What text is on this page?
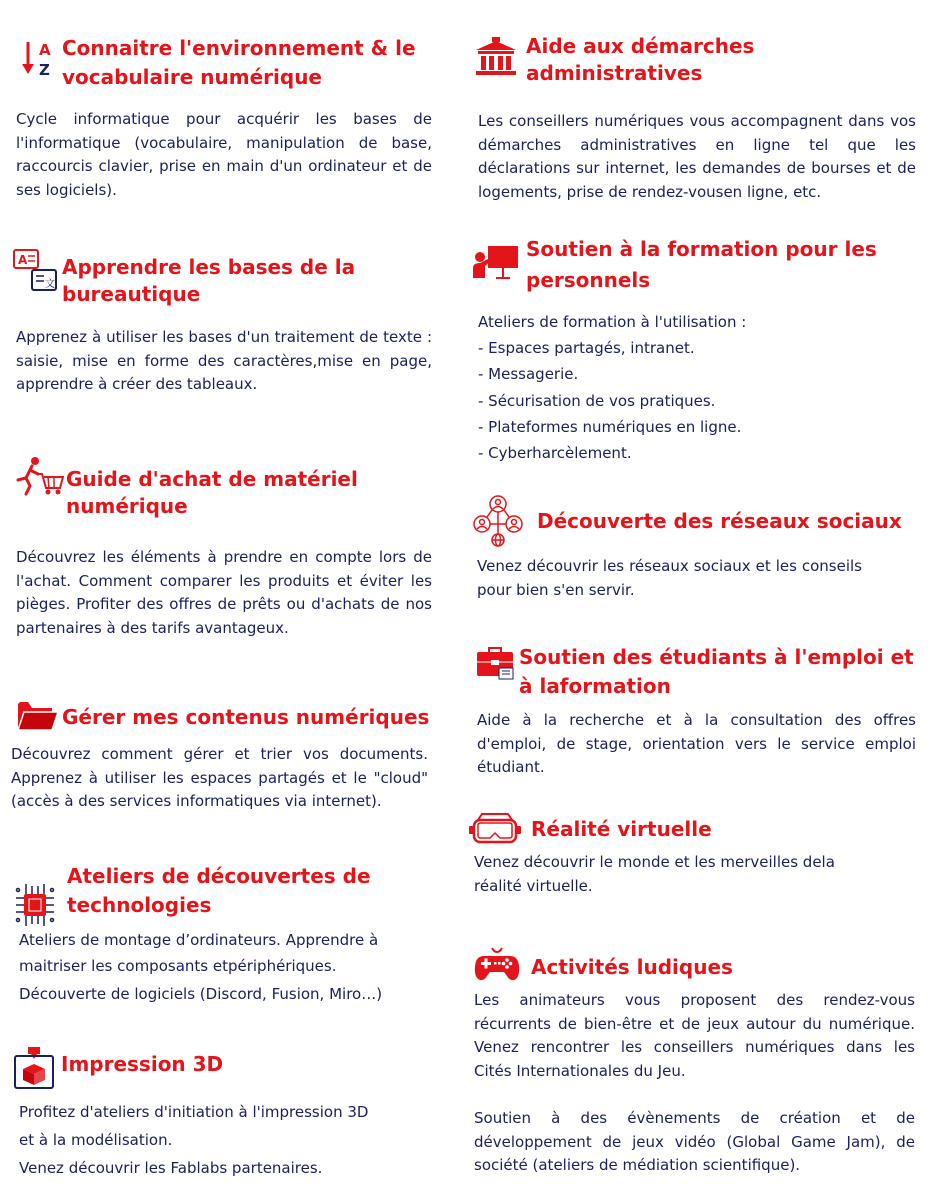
A
Z
Connaitre l'environnement & le
vocabulaire numérique
Cycle informatique pour acquérir les bases de l'informatique (vocabulaire, manipulation de base, raccourcis clavier, prise en main d'un ordinateur et de ses logiciels).
A
文
Apprendre les bases de la
bureautique
Apprenez à utiliser les bases d'un traitement de texte : saisie, mise en forme des caractères,mise en page, apprendre à créer des tableaux.
Guide d'achat de matériel
numérique
Découvrez les éléments à prendre en compte lors de l'achat. Comment comparer les produits et éviter les pièges. Profiter des offres de prêts ou d'achats de nos partenaires à des tarifs avantageux.
Gérer mes contenus numériques
Découvrez comment gérer et trier vos documents. Apprenez à utiliser les espaces partagés et le "cloud" (accès à des services informatiques via internet).
Ateliers de découvertes de
technologies
Ateliers de montage d’ordinateurs. Apprendre à
maitriser les composants etpériphériques.
Découverte de logiciels (Discord, Fusion, Miro…)
Impression 3D
Profitez d'ateliers d'initiation à l'impression 3D
et à la modélisation.
Venez découvrir les Fablabs partenaires.
Aide aux démarches
administratives
Les conseillers numériques vous accompagnent dans vos démarches administratives en ligne tel que les déclarations sur internet, les demandes de bourses et de logements, prise de rendez-vousen ligne, etc.
Soutien à la formation pour les
personnels
Ateliers de formation à l'utilisation :
- Espaces partagés, intranet.
- Messagerie.
- Sécurisation de vos pratiques.
- Plateformes numériques en ligne.
- Cyberharcèlement.
Découverte des réseaux sociaux
Venez découvrir les réseaux sociaux et les conseils pour bien s'en servir.
Soutien des étudiants à l'emploi et
à laformation
Aide à la recherche et à la consultation des offres d'emploi, de stage, orientation vers le service emploi étudiant.
Réalité virtuelle
Venez découvrir le monde et les merveilles dela réalité virtuelle.
Activités ludiques
Les animateurs vous proposent des rendez-vous récurrents de bien-être et de jeux autour du numérique. Venez rencontrer les conseillers numériques dans les Cités Internationales du Jeu.
Soutien à des évènements de création et de développement de jeux vidéo (Global Game Jam), de société (ateliers de médiation scientifique).
